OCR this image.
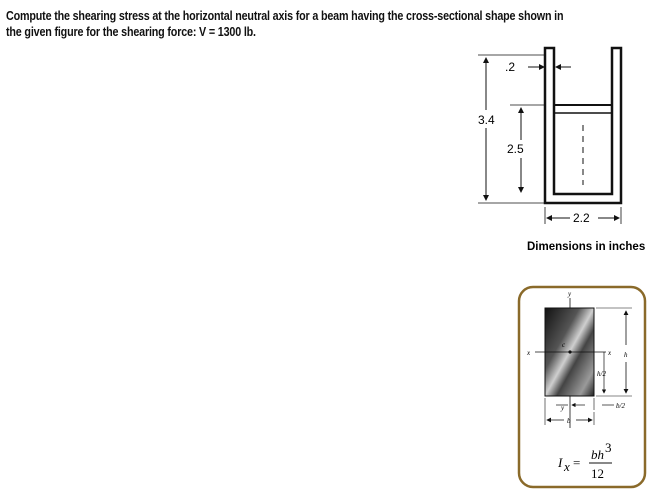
Compute the shearing stress at the horizontal neutral axis for a beam having the cross-sectional shape shown in
the given figure for the shearing force: V = 1300 lb.
.2
3.4
2.5
2.2
Dimensions in inches
y
x	x
c
h
h/2
y	b/2
b
I x =
bh 3
12
